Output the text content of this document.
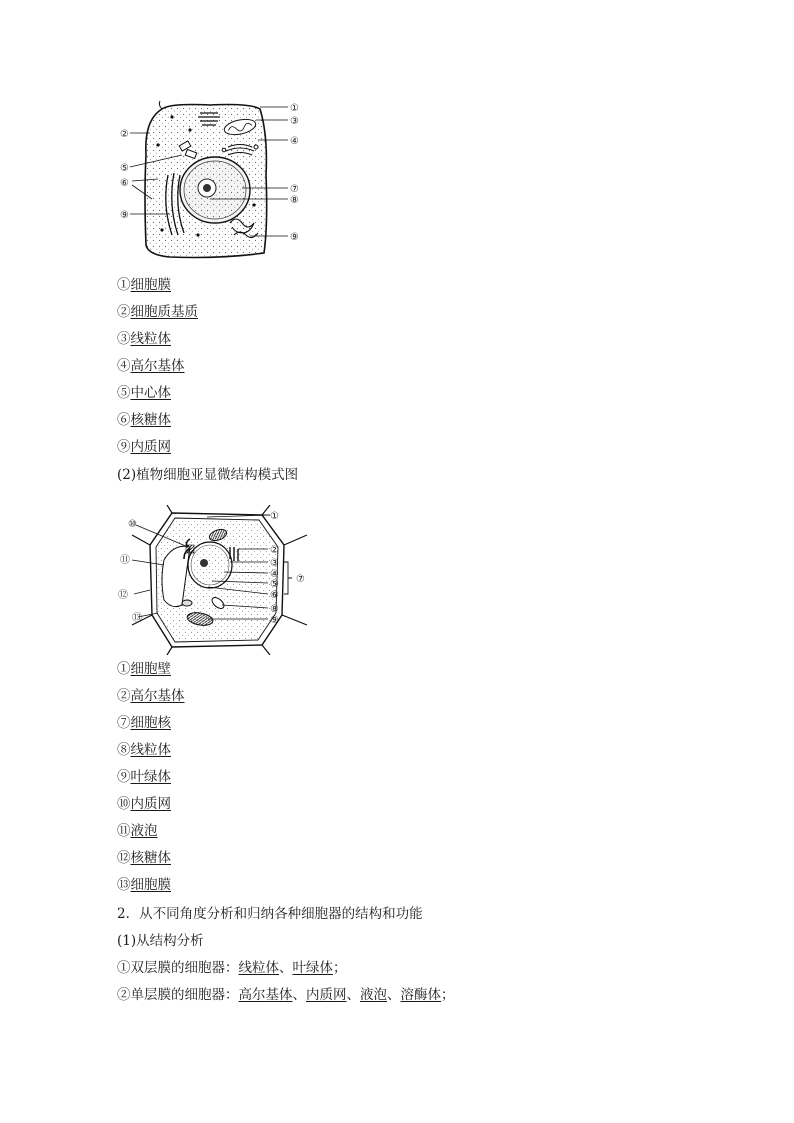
①
③
④
⑦
⑧
⑨
②
⑤
⑥
⑨
①细胞膜
②细胞质基质
③线粒体
④高尔基体
⑤中心体
⑥核糖体
⑨内质网
(2)植物细胞亚显微结构模式图
①
②
③
④
⑤
⑥
⑧
⑨
⑦
⑩
⑪
⑫
⑬
①细胞壁
②高尔基体
⑦细胞核
⑧线粒体
⑨叶绿体
⑩内质网
⑪液泡
⑫核糖体
⑬细胞膜
2．从不同角度分析和归纳各种细胞器的结构和功能
(1)从结构分析
①双层膜的细胞器：线粒体、叶绿体；
②单层膜的细胞器：高尔基体、内质网、液泡、溶酶体；
